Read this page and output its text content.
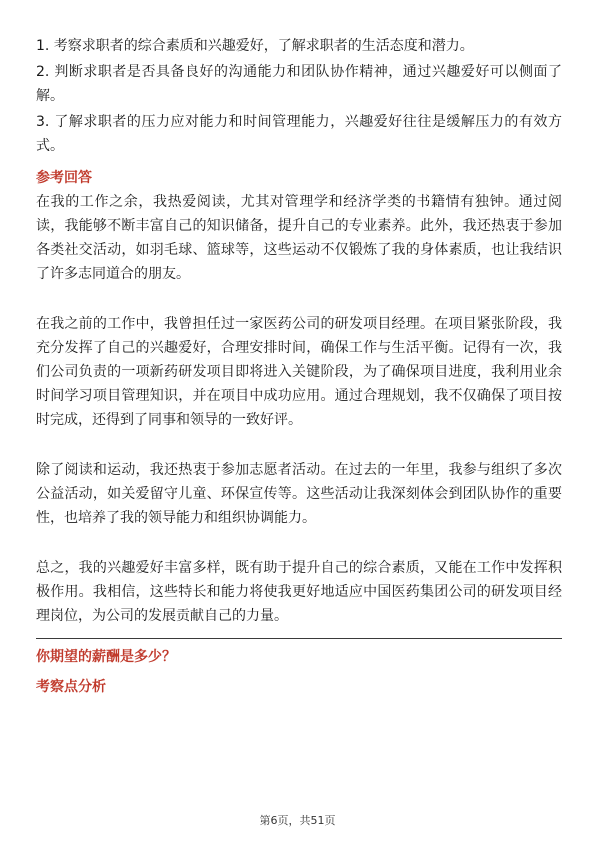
1. 考察求职者的综合素质和兴趣爱好，了解求职者的生活态度和潜力。

2. 判断求职者是否具备良好的沟通能力和团队协作精神，通过兴趣爱好可以侧面了解。

3. 了解求职者的压力应对能力和时间管理能力，兴趣爱好往往是缓解压力的有效方式。

参考回答

在我的工作之余，我热爱阅读，尤其对管理学和经济学类的书籍情有独钟。通过阅读，我能够不断丰富自己的知识储备，提升自己的专业素养。此外，我还热衷于参加各类社交活动，如羽毛球、篮球等，这些运动不仅锻炼了我的身体素质，也让我结识了许多志同道合的朋友。

在我之前的工作中，我曾担任过一家医药公司的研发项目经理。在项目紧张阶段，我充分发挥了自己的兴趣爱好，合理安排时间，确保工作与生活平衡。记得有一次，我们公司负责的一项新药研发项目即将进入关键阶段，为了确保项目进度，我利用业余时间学习项目管理知识，并在项目中成功应用。通过合理规划，我不仅确保了项目按时完成，还得到了同事和领导的一致好评。

除了阅读和运动，我还热衷于参加志愿者活动。在过去的一年里，我参与组织了多次公益活动，如关爱留守儿童、环保宣传等。这些活动让我深刻体会到团队协作的重要性，也培养了我的领导能力和组织协调能力。

总之，我的兴趣爱好丰富多样，既有助于提升自己的综合素质，又能在工作中发挥积极作用。我相信，这些特长和能力将使我更好地适应中国医药集团公司的研发项目经理岗位，为公司的发展贡献自己的力量。

你期望的薪酬是多少？
考察点分析
第6页，共51页
